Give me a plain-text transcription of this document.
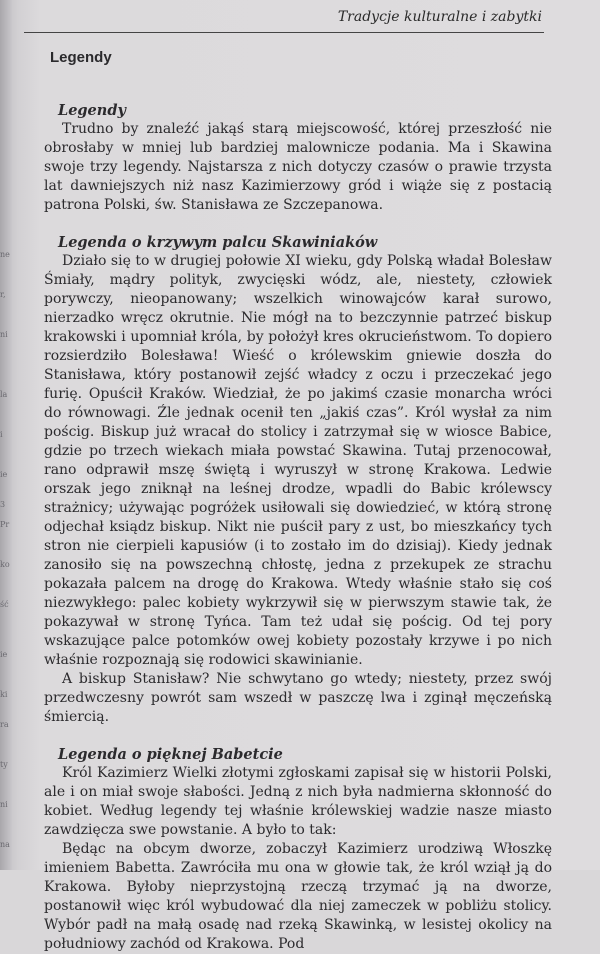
ne
r,
ni
la
i
ie
3
Pr
ko
ść
ie
ki
ra
ty
ni
na
Tradycje kulturalne i zabytki
Legendy
Legendy

Trudno by znaleźć jakąś starą miejscowość, której przeszłość nie obrosłaby w mniej lub bardziej malownicze podania. Ma i Skawina swoje trzy legendy. Najstarsza z nich dotyczy czasów o prawie trzysta lat dawniejszych niż nasz Kazimierzowy gród i wiąże się z postacią patrona Polski, św. Stanisława ze Szczepanowa.

Legenda o krzywym palcu Skawiniaków

Działo się to w drugiej połowie XI wieku, gdy Polską władał Bolesław Śmiały, mądry polityk, zwycięski wódz, ale, niestety, człowiek porywczy, nieopanowany; wszelkich winowajców karał surowo, nierzadko wręcz okrutnie. Nie mógł na to bezczynnie patrzeć biskup krakowski i upomniał króla, by położył kres okrucieństwom. To dopiero rozsierdziło Bolesława! Wieść o królewskim gniewie doszła do Stanisława, który postanowił zejść władcy z oczu i przeczekać jego furię. Opuścił Kraków. Wiedział, że po jakimś czasie monarcha wróci do równowagi. Źle jednak ocenił ten „jakiś czas”. Król wysłał za nim pościg. Biskup już wracał do stolicy i zatrzymał się w wiosce Babice, gdzie po trzech wiekach miała powstać Skawina. Tutaj przenocował, rano odprawił mszę świętą i wyruszył w stronę Krakowa. Ledwie orszak jego zniknął na leśnej drodze, wpadli do Babic królewscy strażnicy; używając pogróżek usiłowali się dowiedzieć, w którą stronę odjechał ksiądz biskup. Nikt nie puścił pary z ust, bo mieszkańcy tych stron nie cierpieli kapusiów (i to zostało im do dzisiaj). Kiedy jednak zanosiło się na powszechną chłostę, jedna z przekupek ze strachu pokazała palcem na drogę do Krakowa. Wtedy właśnie stało się coś niezwykłego: palec kobiety wykrzywił się w pierwszym stawie tak, że pokazywał w stronę Tyńca. Tam też udał się pościg. Od tej pory wskazujące palce potomków owej kobiety pozostały krzywe i po nich właśnie rozpoznają się rodowici skawinianie.

A biskup Stanisław? Nie schwytano go wtedy; niestety, przez swój przedwczesny powrót sam wszedł w paszczę lwa i zginął męczeńską śmiercią.

Legenda o pięknej Babetcie

Król Kazimierz Wielki złotymi zgłoskami zapisał się w historii Polski, ale i on miał swoje słabości. Jedną z nich była nadmierna skłonność do kobiet. Według legendy tej właśnie królewskiej wadzie nasze miasto zawdzięcza swe powstanie. A było to tak:

Będąc na obcym dworze, zobaczył Kazimierz urodziwą Włoszkę imieniem Babetta. Zawróciła mu ona w głowie tak, że król wziął ją do Krakowa. Byłoby nieprzystojną rzeczą trzymać ją na dworze, postanowił więc król wybudować dla niej zameczek w pobliżu stolicy. Wybór padł na małą osadę nad rzeką Skawinką, w lesistej okolicy na południowy zachód od Krakowa. Pod
